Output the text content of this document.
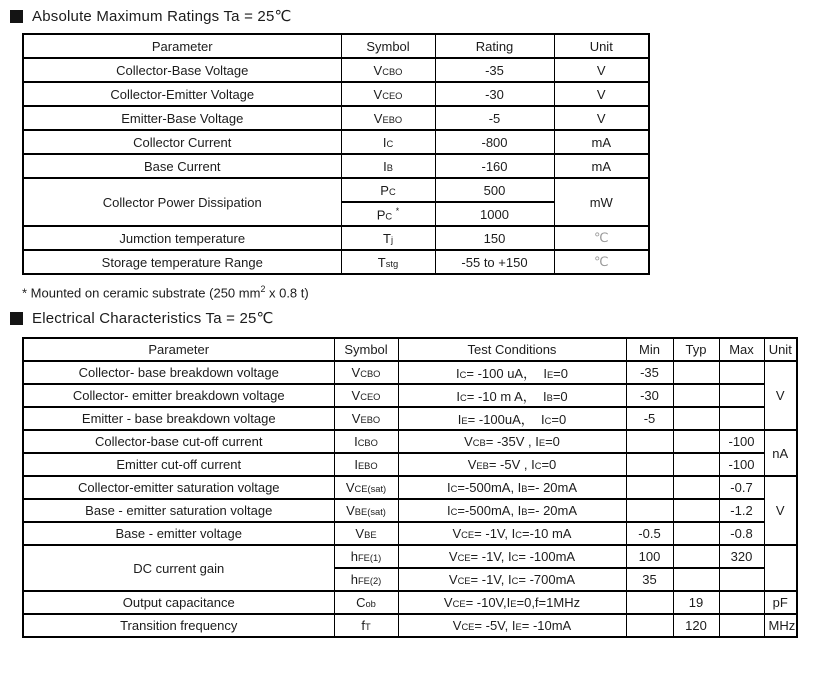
Absolute Maximum Ratings Ta = 25℃
Parameter	Symbol	Rating	Unit
Collector-Base Voltage	VCBO	-35	V
Collector-Emitter Voltage	VCEO	-30	V
Emitter-Base Voltage	VEBO	-5	V
Collector Current	IC	-800	mA
Base Current	IB	-160	mA
Collector Power Dissipation	PC	500	mW
	PC *	1000	
Jumction temperature	Tj	150	℃
Storage temperature Range	Tstg	-55 to +150	℃
* Mounted on ceramic substrate (250 $mm^2$ x 0.8 t)
Electrical Characteristics Ta = 25℃
Parameter	Symbol	Test Conditions	Min	Typ	Max	Unit
Collector- base breakdown voltage	VCBO	IC= -100 uA，  IE=0	-35			V
Collector- emitter breakdown voltage	VCEO	IC= -10 m A，  IB=0	-30			
Emitter - base breakdown voltage	VEBO	IE= -100uA，  IC=0	-5			
Collector-base cut-off current	ICBO	VCB= -35V , IE=0			-100	nA
Emitter cut-off current	IEBO	VEB= -5V , IC=0			-100	
Collector-emitter saturation voltage	VCE(sat)	IC=-500mA, IB=- 20mA			-0.7	V
Base - emitter saturation voltage	VBE(sat)	IC=-500mA, IB=- 20mA			-1.2	
Base - emitter voltage	VBE	VCE= -1V, IC=-10 mA	-0.5		-0.8	
DC current gain	hFE(1)	VCE= -1V, IC= -100mA	100		320	
	hFE(2)	VCE= -1V, IC= -700mA	35			
Output capacitance	Cob	VCE= -10V,IE=0,f=1MHz		19		pF
Transition frequency	fT	VCE= -5V, IE= -10mA		120		MHz
